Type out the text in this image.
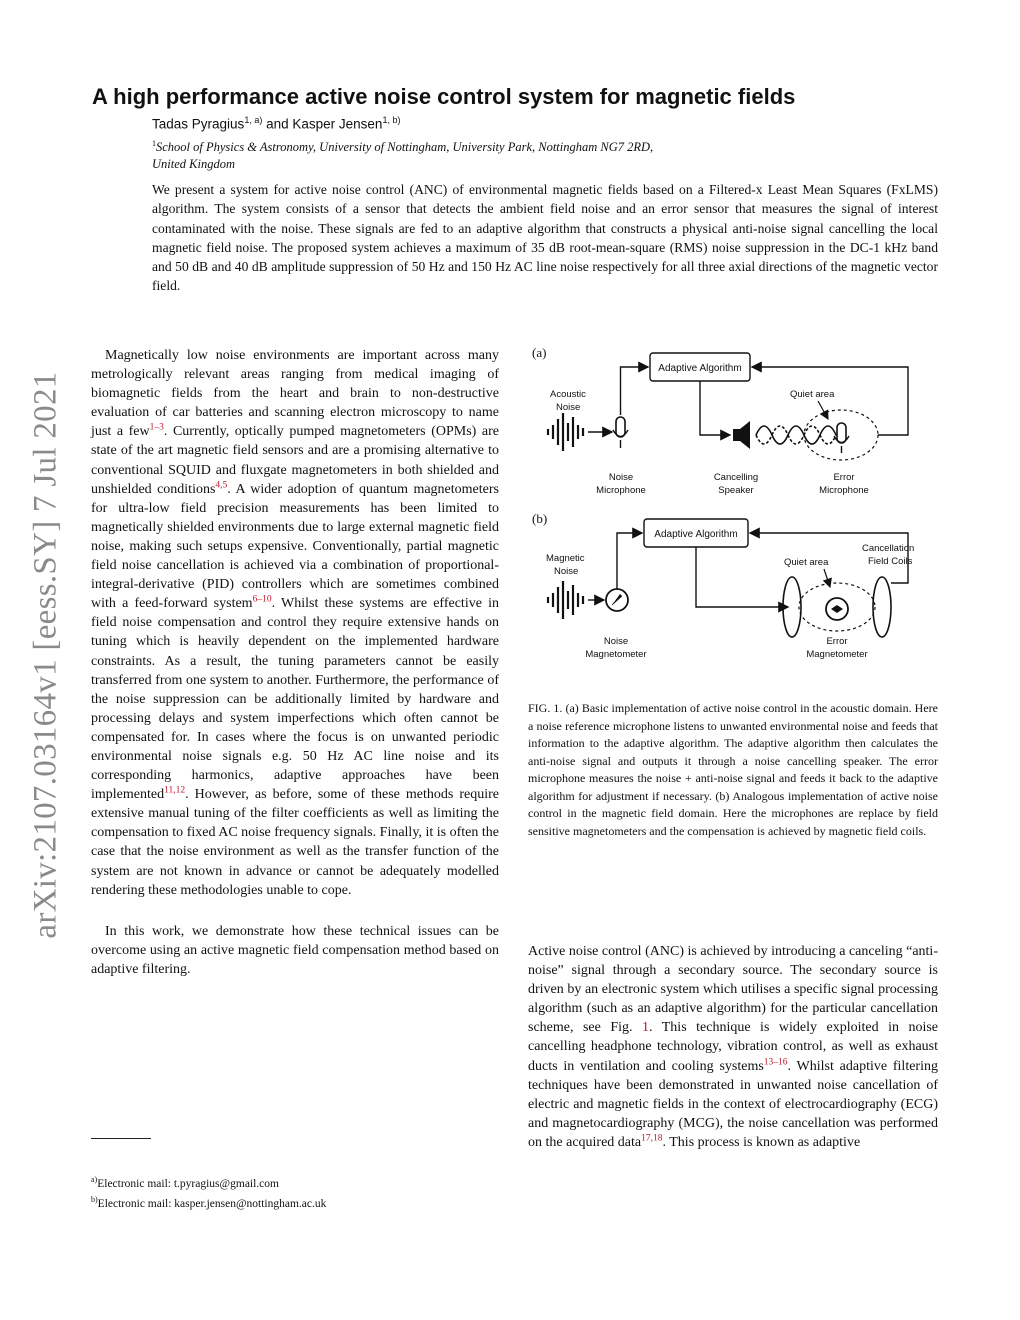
arXiv:2107.03164v1 [eess.SY] 7 Jul 2021
A high performance active noise control system for magnetic fields
Tadas Pyragius$^{1, a)}$ and Kasper Jensen$^{1, b)}$
$^1$School of Physics & Astronomy, University of Nottingham, University Park, Nottingham NG7 2RD,
United Kingdom

We present a system for active noise control (ANC) of environmental magnetic fields based on a Filtered-x Least Mean Squares (FxLMS) algorithm. The system consists of a sensor that detects the ambient field noise and an error sensor that measures the signal of interest contaminated with the noise. These signals are fed to an adaptive algorithm that constructs a physical anti-noise signal cancelling the local magnetic field noise. The proposed system achieves a maximum of 35 dB root-mean-square (RMS) noise suppression in the DC-1 kHz band and 50 dB and 40 dB amplitude suppression of 50 Hz and 150 Hz AC line noise respectively for all three axial directions of the magnetic vector field.

Magnetically low noise environments are important across many metrologically relevant areas ranging from medical imaging of biomagnetic fields from the heart and brain to non-destructive evaluation of car batteries and scanning electron microscopy to name just a few$^{1-3}$. Currently, optically pumped magnetometers (OPMs) are state of the art magnetic field sensors and are a promising alternative to conventional SQUID and fluxgate magnetometers in both shielded and unshielded conditions$^{4,5}$. A wider adoption of quantum magnetometers for ultra-low field precision measurements has been limited to magnetically shielded environments due to large external magnetic field noise, making such setups expensive. Conventionally, partial magnetic field noise cancellation is achieved via a combination of proportional-integral-derivative (PID) controllers which are sometimes combined with a feed-forward system$^{6-10}$. Whilst these systems are effective in field noise compensation and control they require extensive hands on tuning which is heavily dependent on the implemented hardware constraints. As a result, the tuning parameters cannot be easily transferred from one system to another. Furthermore, the performance of the noise suppression can be additionally limited by hardware and processing delays and system imperfections which often cannot be compensated for. In cases where the focus is on unwanted periodic environmental noise signals e.g. 50 Hz AC line noise and its corresponding harmonics, adaptive approaches have been implemented$^{11,12}$. However, as before, some of these methods require extensive manual tuning of the filter coefficients as well as limiting the compensation to fixed AC noise frequency signals. Finally, it is often the case that the noise environment as well as the transfer function of the system are not known in advance or cannot be adequately modelled rendering these methodologies unable to cope.

In this work, we demonstrate how these technical issues can be overcome using an active magnetic field compensation method based on adaptive filtering.

$^{a)}$Electronic mail: t.pyragius@gmail.com
$^{b)}$Electronic mail: kasper.jensen@nottingham.ac.uk
(a)
(b)
Adaptive Algorithm
Acoustic
Noise
Noise
Microphone
Cancelling
Speaker
Quiet area
Error
Microphone
Adaptive Algorithm
Magnetic
Noise
Noise
Magnetometer
Cancellation
Field Coils
Quiet area
Error
Magnetometer

FIG. 1. (a) Basic implementation of active noise control in the acoustic domain. Here a noise reference microphone listens to unwanted environmental noise and feeds that information to the adaptive algorithm. The adaptive algorithm then calculates the anti-noise signal and outputs it through a noise cancelling speaker. The error microphone measures the noise + anti-noise signal and feeds it back to the adaptive algorithm for adjustment if necessary. (b) Analogous implementation of active noise control in the magnetic field domain. Here the microphones are replace by field sensitive magnetometers and the compensation is achieved by magnetic field coils.

Active noise control (ANC) is achieved by introducing a canceling “anti-noise” signal through a secondary source. The secondary source is driven by an electronic system which utilises a specific signal processing algorithm (such as an adaptive algorithm) for the particular cancellation scheme, see Fig. 1. This technique is widely exploited in noise cancelling headphone technology, vibration control, as well as exhaust ducts in ventilation and cooling systems$^{13-16}$. Whilst adaptive filtering techniques have been demonstrated in unwanted noise cancellation of electric and magnetic fields in the context of electrocardiography (ECG) and magnetocardiography (MCG), the noise cancellation was performed on the acquired data$^{17,18}$. This process is known as adaptive
